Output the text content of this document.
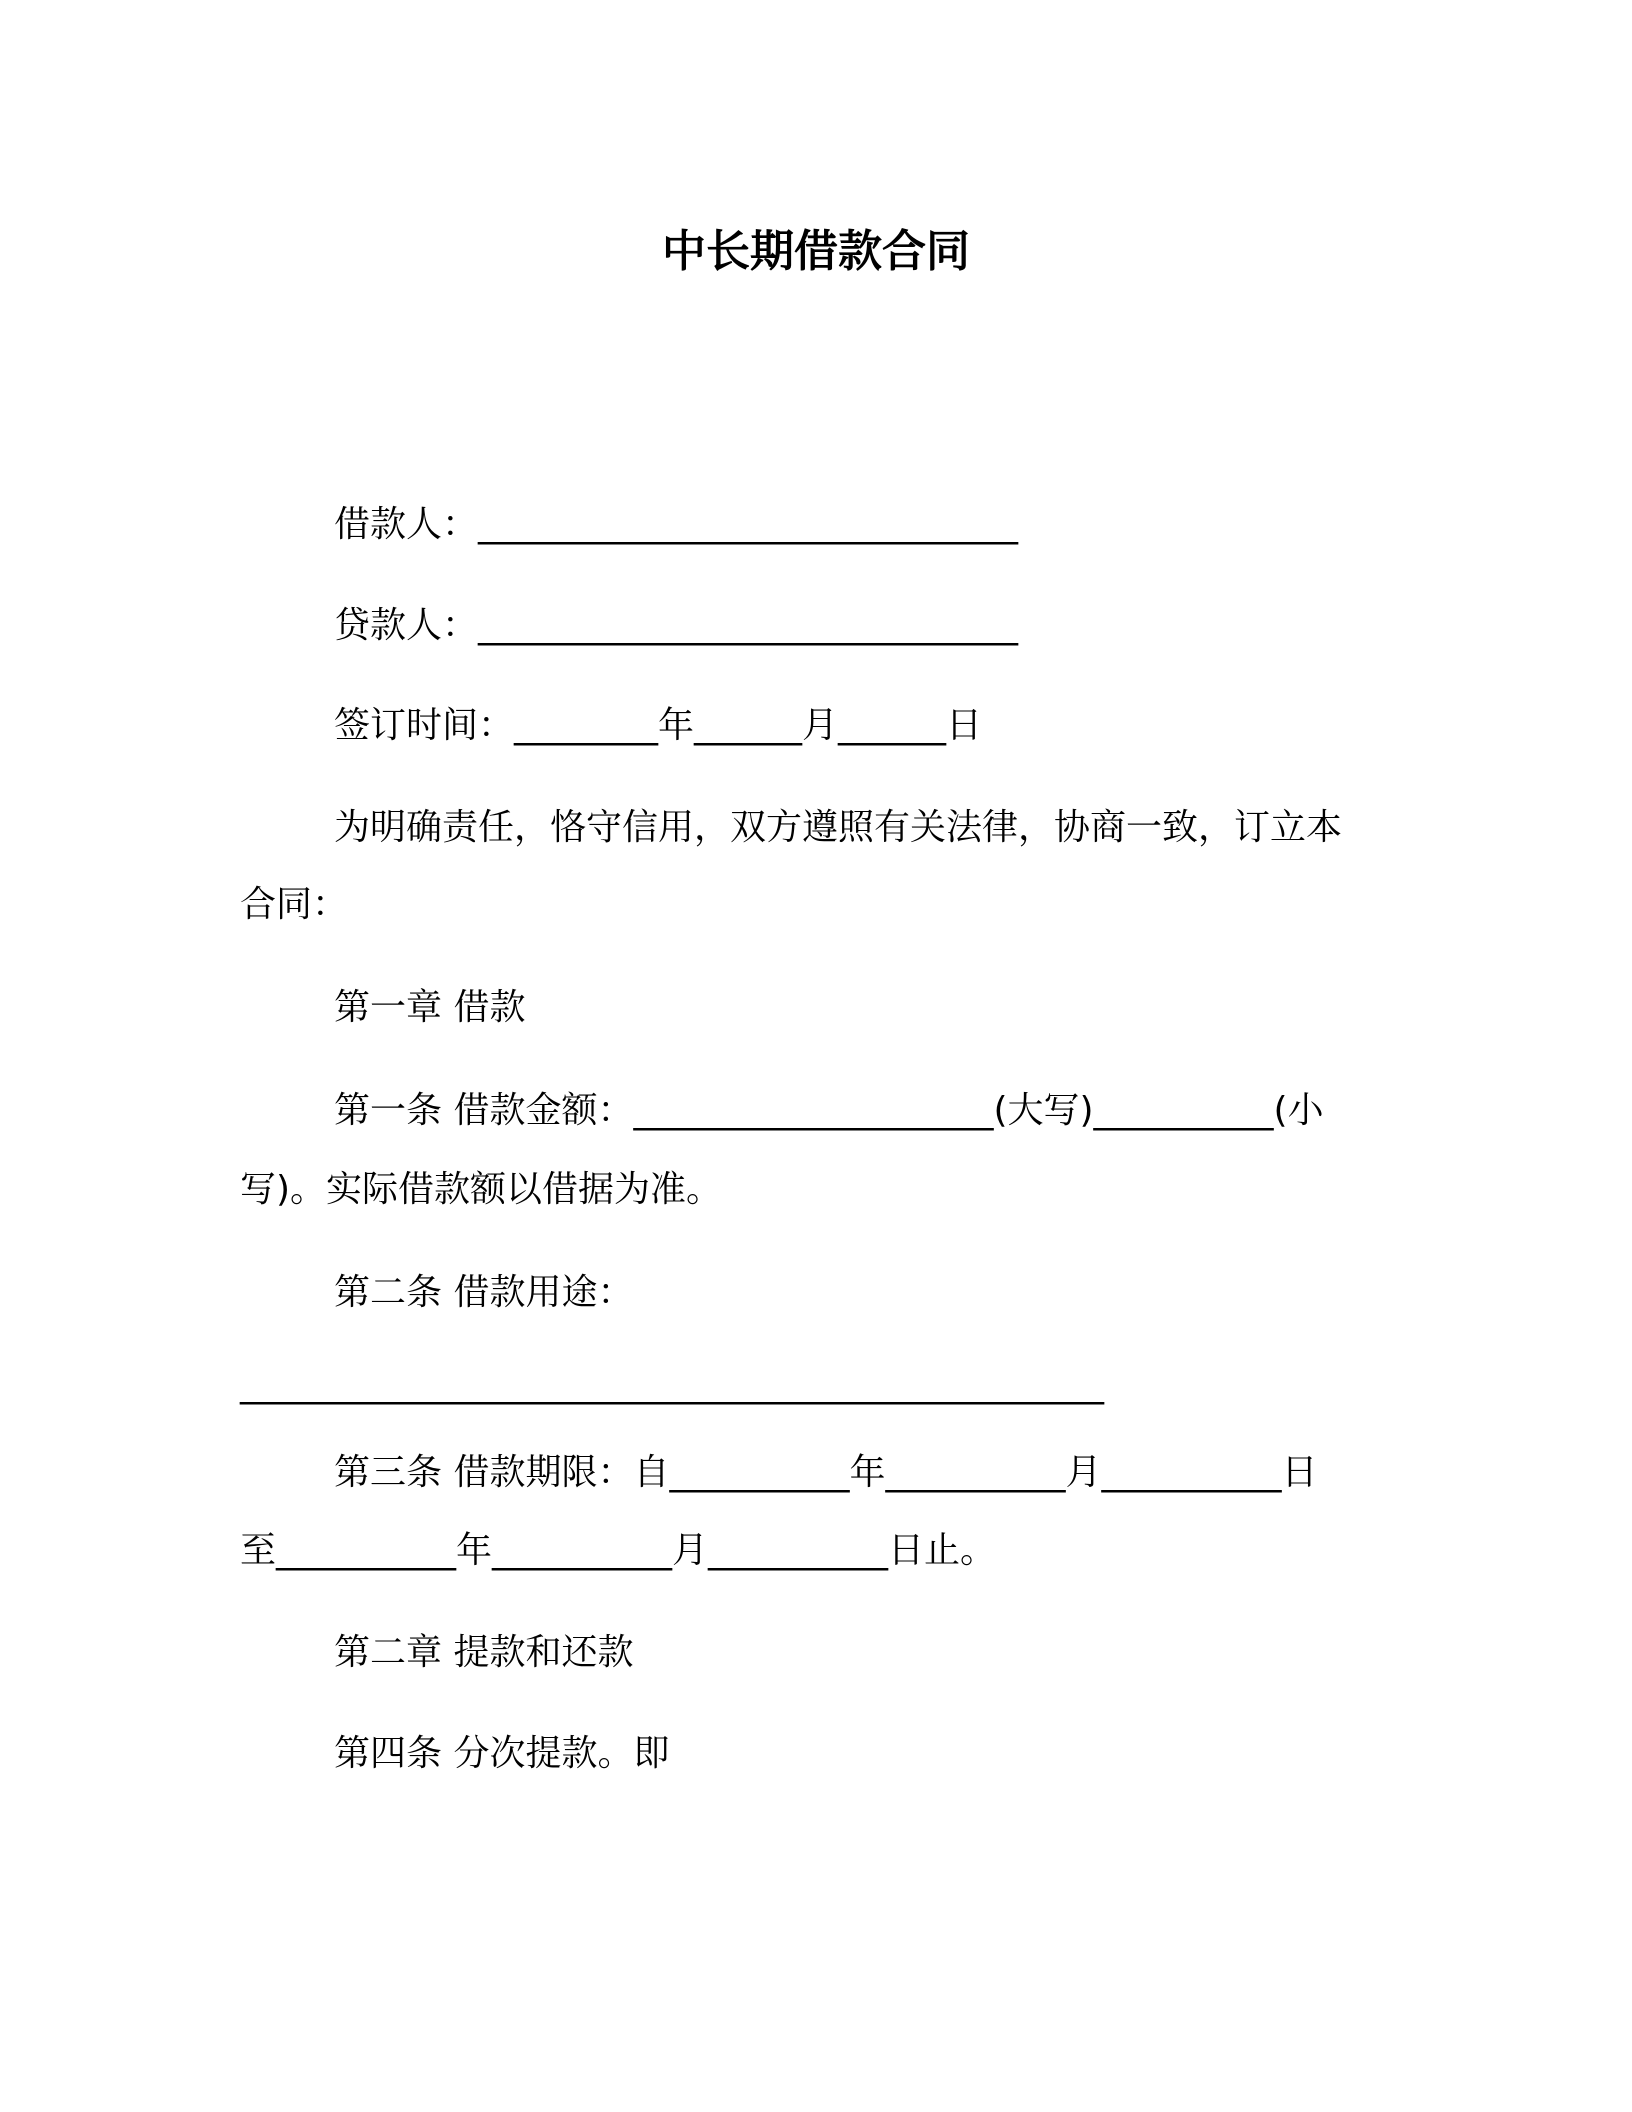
中长期借款合同
借款人：______________________________
贷款人：______________________________
签订时间：________年______月______日
为明确责任，恪守信用，双方遵照有关法律，协商一致，订立本
合同：
第一章 借款
第一条 借款金额：____________________(大写)__________(小
写)。实际借款额以借据为准。
第二条 借款用途：
________________________________________________
第三条 借款期限：自__________年__________月__________日
至__________年__________月__________日止。
第二章 提款和还款
第四条 分次提款。即
